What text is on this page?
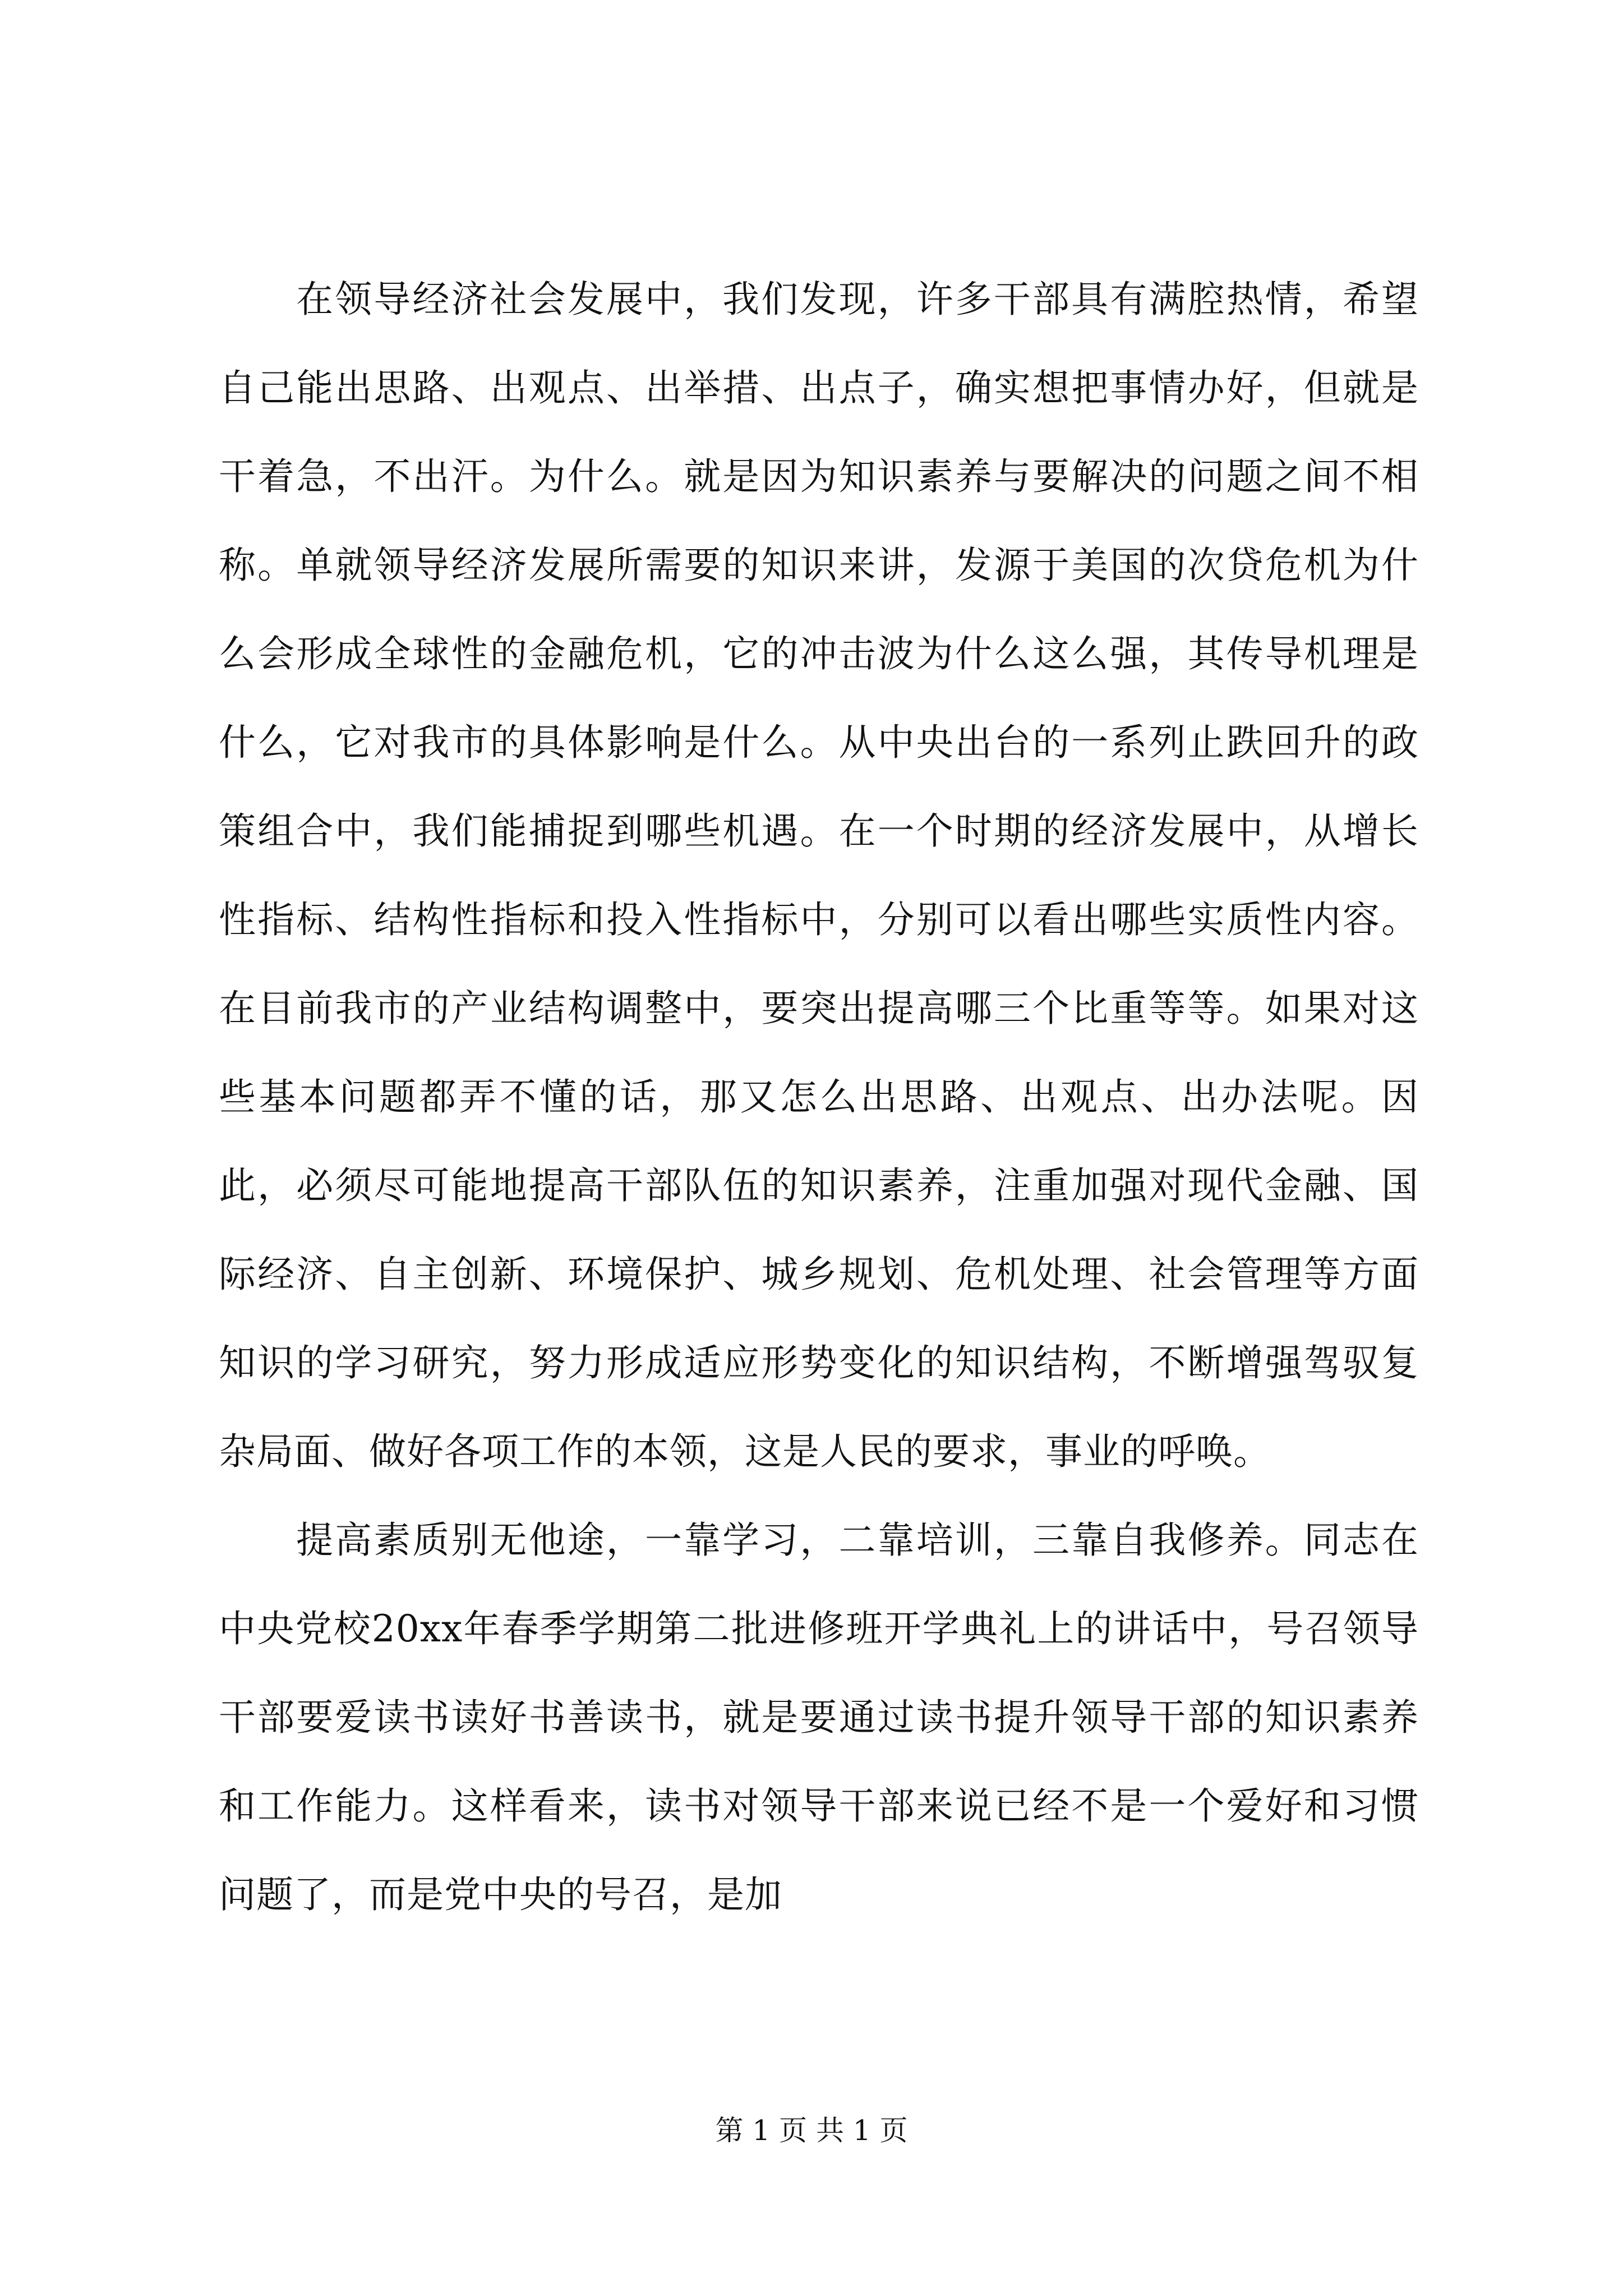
在领导经济社会发展中，我们发现，许多干部具有满腔热情，希望自己能出思路、出观点、出举措、出点子，确实想把事情办好，但就是干着急，不出汗。为什么。就是因为知识素养与要解决的问题之间不相称。单就领导经济发展所需要的知识来讲，发源于美国的次贷危机为什么会形成全球性的金融危机，它的冲击波为什么这么强，其传导机理是什么，它对我市的具体影响是什么。从中央出台的一系列止跌回升的政策组合中，我们能捕捉到哪些机遇。在一个时期的经济发展中，从增长性指标、结构性指标和投入性指标中，分别可以看出哪些实质性内容。在目前我市的产业结构调整中，要突出提高哪三个比重等等。如果对这些基本问题都弄不懂的话，那又怎么出思路、出观点、出办法呢。因此，必须尽可能地提高干部队伍的知识素养，注重加强对现代金融、国际经济、自主创新、环境保护、城乡规划、危机处理、社会管理等方面知识的学习研究，努力形成适应形势变化的知识结构，不断增强驾驭复杂局面、做好各项工作的本领，这是人民的要求，事业的呼唤。

提高素质别无他途，一靠学习，二靠培训，三靠自我修养。同志在中央党校20xx年春季学期第二批进修班开学典礼上的讲话中，号召领导干部要爱读书读好书善读书，就是要通过读书提升领导干部的知识素养和工作能力。这样看来，读书对领导干部来说已经不是一个爱好和习惯问题了，而是党中央的号召，是加

第 1 页 共 1 页
